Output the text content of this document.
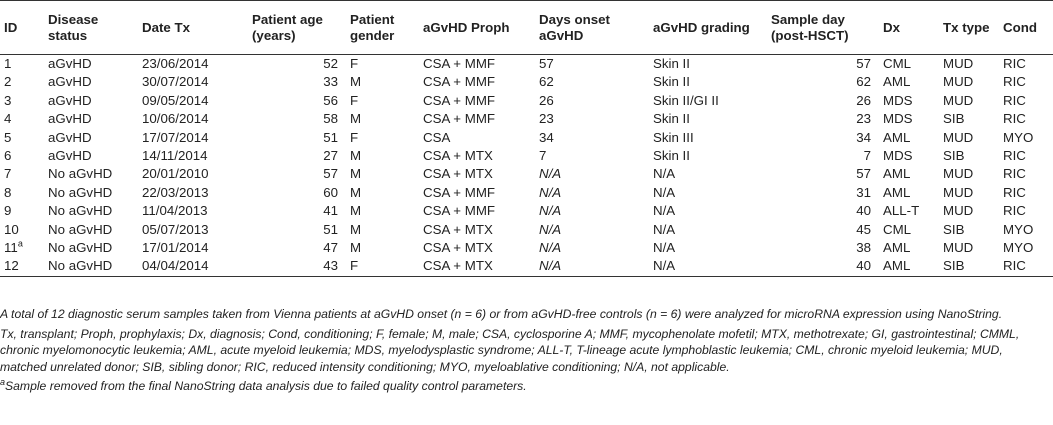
ID	Disease status	Date Tx	Patient age (years)	Patient gender	aGvHD Proph	Days onset aGvHD	aGvHD grading	Sample day (post-HSCT)	Dx	Tx type	Cond
1	aGvHD	23/06/2014	52	F	CSA + MMF	57	Skin II	57	CML	MUD	RIC
2	aGvHD	30/07/2014	33	M	CSA + MMF	62	Skin II	62	AML	MUD	RIC
3	aGvHD	09/05/2014	56	F	CSA + MMF	26	Skin II/GI II	26	MDS	MUD	RIC
4	aGvHD	10/06/2014	58	M	CSA + MMF	23	Skin II	23	MDS	SIB	RIC
5	aGvHD	17/07/2014	51	F	CSA	34	Skin III	34	AML	MUD	MYO
6	aGvHD	14/11/2014	27	M	CSA + MTX	7	Skin II	7	MDS	SIB	RIC
7	No aGvHD	20/01/2010	57	M	CSA + MTX	N/A	N/A	57	AML	MUD	RIC
8	No aGvHD	22/03/2013	60	M	CSA + MMF	N/A	N/A	31	AML	MUD	RIC
9	No aGvHD	11/04/2013	41	M	CSA + MMF	N/A	N/A	40	ALL-T	MUD	RIC
10	No aGvHD	05/07/2013	51	M	CSA + MTX	N/A	N/A	45	CML	SIB	MYO
11$^a$	No aGvHD	17/01/2014	47	M	CSA + MTX	N/A	N/A	38	AML	MUD	MYO
12	No aGvHD	04/04/2014	43	F	CSA + MTX	N/A	N/A	40	AML	SIB	RIC

A total of 12 diagnostic serum samples taken from Vienna patients at aGvHD onset (n = 6) or from aGvHD-free controls (n = 6) were analyzed for microRNA expression using NanoString.

Tx, transplant; Proph, prophylaxis; Dx, diagnosis; Cond, conditioning; F, female; M, male; CSA, cyclosporine A; MMF, mycophenolate mofetil; MTX, methotrexate; GI, gastrointestinal; CMML, chronic myelomonocytic leukemia; AML, acute myeloid leukemia; MDS, myelodysplastic syndrome; ALL-T, T-lineage acute lymphoblastic leukemia; CML, chronic myeloid leukemia; MUD, matched unrelated donor; SIB, sibling donor; RIC, reduced intensity conditioning; MYO, myeloablative conditioning; N/A, not applicable.

$^a$Sample removed from the final NanoString data analysis due to failed quality control parameters.
